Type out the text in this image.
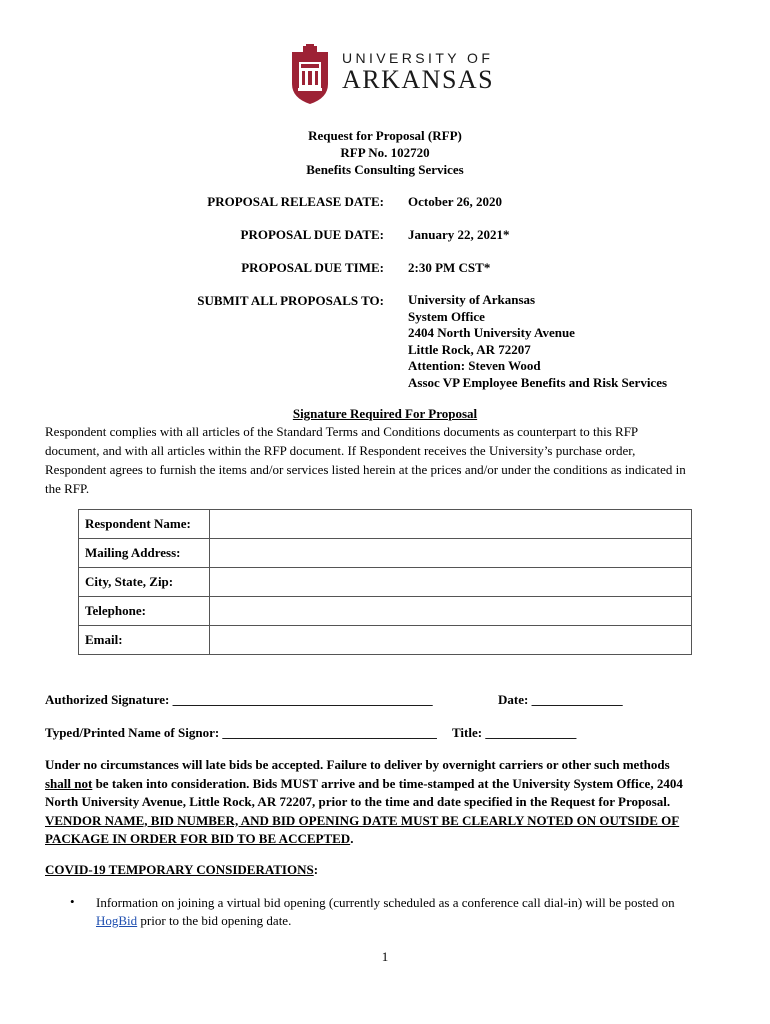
UNIVERSITY OF
ARKANSAS
Request for Proposal (RFP)
RFP No. 102720
Benefits Consulting Services
PROPOSAL RELEASE DATE: October 26, 2020
PROPOSAL DUE DATE: January 22, 2021*
PROPOSAL DUE TIME: 2:30 PM CST*
SUBMIT ALL PROPOSALS TO: University of Arkansas
System Office
2404 North University Avenue
Little Rock, AR 72207
Attention: Steven Wood
Assoc VP Employee Benefits and Risk Services
Signature Required For Proposal
Respondent complies with all articles of the Standard Terms and Conditions documents as counterpart to this RFP
document, and with all articles within the RFP document. If Respondent receives the University’s purchase order,
Respondent agrees to furnish the items and/or services listed herein at the prices and/or under the conditions as indicated in
the RFP.
Respondent Name:	
Mailing Address:	
City, State, Zip:	
Telephone:	
Email:	
Authorized Signature: ________________________________________	Date: ______________
Typed/Printed Name of Signor: _________________________________ Title: ______________
Under no circumstances will late bids be accepted. Failure to deliver by overnight carriers or other such methods
shall not be taken into consideration. Bids MUST arrive and be time-stamped at the University System Office, 2404
North University Avenue, Little Rock, AR 72207, prior to the time and date specified in the Request for Proposal.
VENDOR NAME, BID NUMBER, AND BID OPENING DATE MUST BE CLEARLY NOTED ON OUTSIDE OF
PACKAGE IN ORDER FOR BID TO BE ACCEPTED.
COVID-19 TEMPORARY CONSIDERATIONS:
• Information on joining a virtual bid opening (currently scheduled as a conference call dial-in) will be posted on
HogBid prior to the bid opening date.
1
